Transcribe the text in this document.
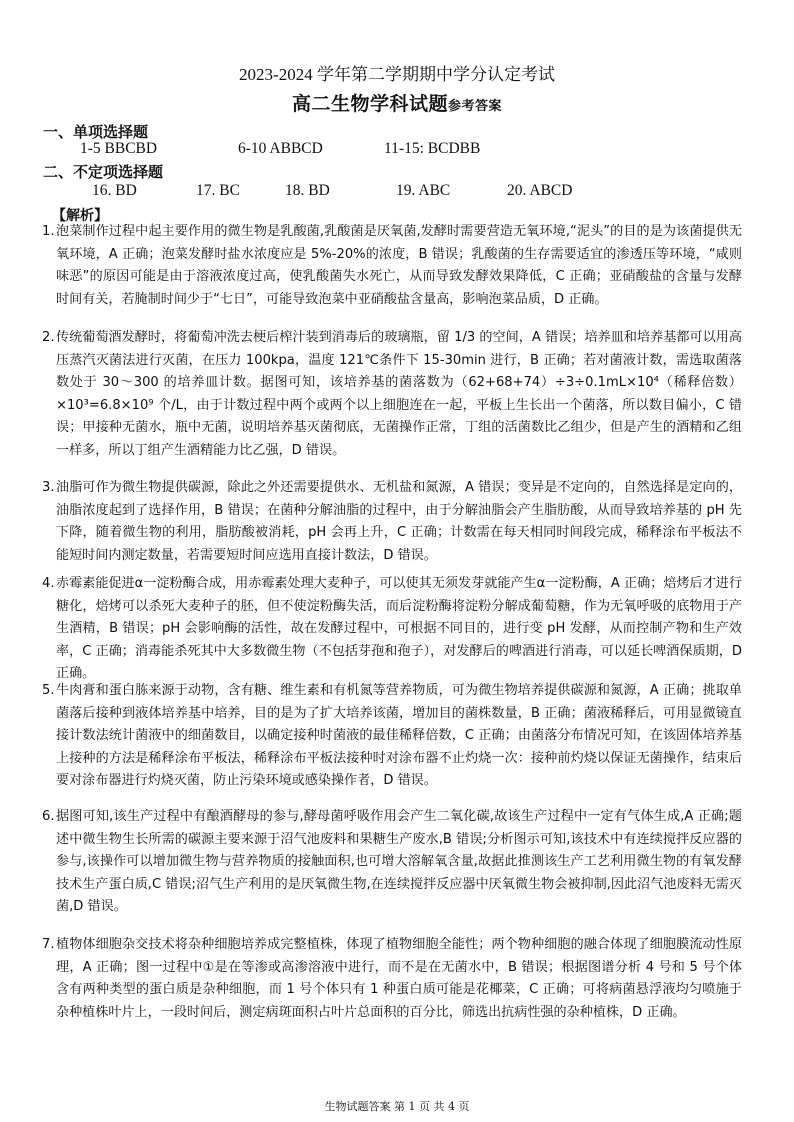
2023-2024 学年第二学期期中学分认定考试
高二生物学科试题参考答案
一、单项选择题
1-5 BBCBD	6-10 ABBCD	11-15: BCDBB
二、不定项选择题
16. BD	17. BC	18. BD	19. ABC	20. ABCD
【解析】
1. 泡菜制作过程中起主要作用的微生物是乳酸菌,乳酸菌是厌氧菌,发酵时需要营造无氧环境,“泥头”的目的是为该菌提供无氧环境，A 正确；泡菜发酵时盐水浓度应是 5%-20%的浓度，B 错误；乳酸菌的生存需要适宜的渗透压等环境，“咸则味恶”的原因可能是由于溶液浓度过高，使乳酸菌失水死亡，从而导致发酵效果降低，C 正确；亚硝酸盐的含量与发酵时间有关，若腌制时间少于“七日”，可能导致泡菜中亚硝酸盐含量高，影响泡菜品质，D 正确。
2. 传统葡萄酒发酵时，将葡萄冲洗去梗后榨汁装到消毒后的玻璃瓶，留 1/3 的空间，A 错误；培养皿和培养基都可以用高压蒸汽灭菌法进行灭菌，在压力 100kpa，温度 121℃条件下 15-30min 进行，B 正确；若对菌液计数，需选取菌落数处于 30～300 的培养皿计数。据图可知，该培养基的菌落数为（62+68+74）÷3÷0.1mL×10⁴（稀释倍数）×10³=6.8×10⁹ 个/L，由于计数过程中两个或两个以上细胞连在一起，平板上生长出一个菌落，所以数目偏小，C 错误；甲接种无菌水，瓶中无菌，说明培养基灭菌彻底，无菌操作正常，丁组的活菌数比乙组少，但是产生的酒精和乙组一样多，所以丁组产生酒精能力比乙强，D 错误。
3. 油脂可作为微生物提供碳源，除此之外还需要提供水、无机盐和氮源，A 错误；变异是不定向的，自然选择是定向的，油脂浓度起到了选择作用，B 错误；在菌种分解油脂的过程中，由于分解油脂会产生脂肪酸，从而导致培养基的 pH 先下降，随着微生物的利用，脂肪酸被消耗，pH 会再上升，C 正确；计数需在每天相同时间段完成，稀释涂布平板法不能短时间内测定数量，若需要短时间应选用直接计数法，D 错误。
4. 赤霉素能促进α一淀粉酶合成，用赤霉素处理大麦种子，可以使其无须发芽就能产生α一淀粉酶，A 正确；焙烤后才进行糖化，焙烤可以杀死大麦种子的胚，但不使淀粉酶失活，而后淀粉酶将淀粉分解成葡萄糖，作为无氧呼吸的底物用于产生酒精，B 错误；pH 会影响酶的活性，故在发酵过程中，可根据不同目的，进行变 pH 发酵，从而控制产物和生产效率，C 正确；消毒能杀死其中大多数微生物（不包括芽孢和孢子），对发酵后的啤酒进行消毒，可以延长啤酒保质期，D 正确。
5. 牛肉膏和蛋白胨来源于动物，含有糖、维生素和有机氮等营养物质，可为微生物培养提供碳源和氮源，A 正确；挑取单菌落后接种到液体培养基中培养，目的是为了扩大培养该菌，增加目的菌株数量，B 正确；菌液稀释后，可用显微镜直接计数法统计菌液中的细菌数目，以确定接种时菌液的最佳稀释倍数，C 正确；由菌落分布情况可知，在该固体培养基上接种的方法是稀释涂布平板法，稀释涂布平板法接种时对涂布器不止灼烧一次：接种前灼烧以保证无菌操作，结束后要对涂布器进行灼烧灭菌，防止污染环境或感染操作者，D 错误。
6. 据图可知,该生产过程中有酿酒酵母的参与,酵母菌呼吸作用会产生二氧化碳,故该生产过程中一定有气体生成,A 正确;题述中微生物生长所需的碳源主要来源于沼气池废料和果糖生产废水,B 错误;分析图示可知,该技术中有连续搅拌反应器的参与,该操作可以增加微生物与营养物质的接触面积,也可增大溶解氧含量,故据此推测该生产工艺利用微生物的有氧发酵技术生产蛋白质,C 错误;沼气生产利用的是厌氧微生物,在连续搅拌反应器中厌氧微生物会被抑制,因此沼气池废料无需灭菌,D 错误。
7. 植物体细胞杂交技术将杂种细胞培养成完整植株，体现了植物细胞全能性；两个物种细胞的融合体现了细胞膜流动性原理，A 正确；图一过程中①是在等渗或高渗溶液中进行，而不是在无菌水中，B 错误；根据图谱分析 4 号和 5 号个体含有两种类型的蛋白质是杂种细胞，而 1 号个体只有 1 种蛋白质可能是花椰菜，C 正确；可将病菌悬浮液均匀喷施于杂种植株叶片上，一段时间后，测定病斑面积占叶片总面积的百分比，筛选出抗病性强的杂种植株，D 正确。
生物试题答案 第 1 页 共 4 页
